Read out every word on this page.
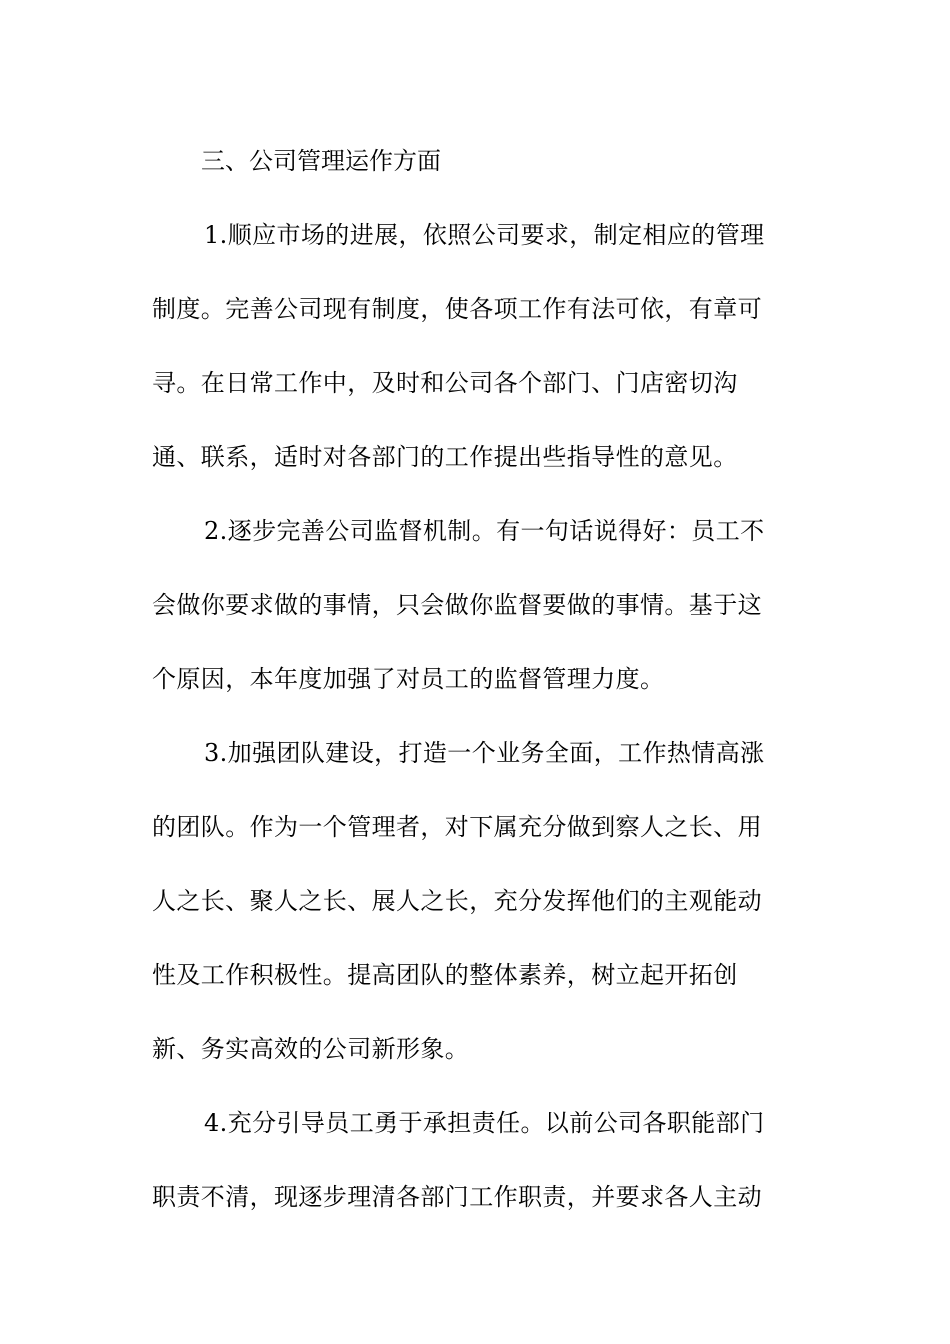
三、公司管理运作方面

1.顺应市场的进展，依照公司要求，制定相应的管理
制度。完善公司现有制度，使各项工作有法可依，有章可
寻。在日常工作中，及时和公司各个部门、门店密切沟
通、联系，适时对各部门的工作提出些指导性的意见。

2.逐步完善公司监督机制。有一句话说得好：员工不
会做你要求做的事情，只会做你监督要做的事情。基于这
个原因，本年度加强了对员工的监督管理力度。

3.加强团队建设，打造一个业务全面，工作热情高涨
的团队。作为一个管理者，对下属充分做到察人之长、用
人之长、聚人之长、展人之长，充分发挥他们的主观能动
性及工作积极性。提高团队的整体素养，树立起开拓创
新、务实高效的公司新形象。

4.充分引导员工勇于承担责任。以前公司各职能部门
职责不清，现逐步理清各部门工作职责，并要求各人主动
